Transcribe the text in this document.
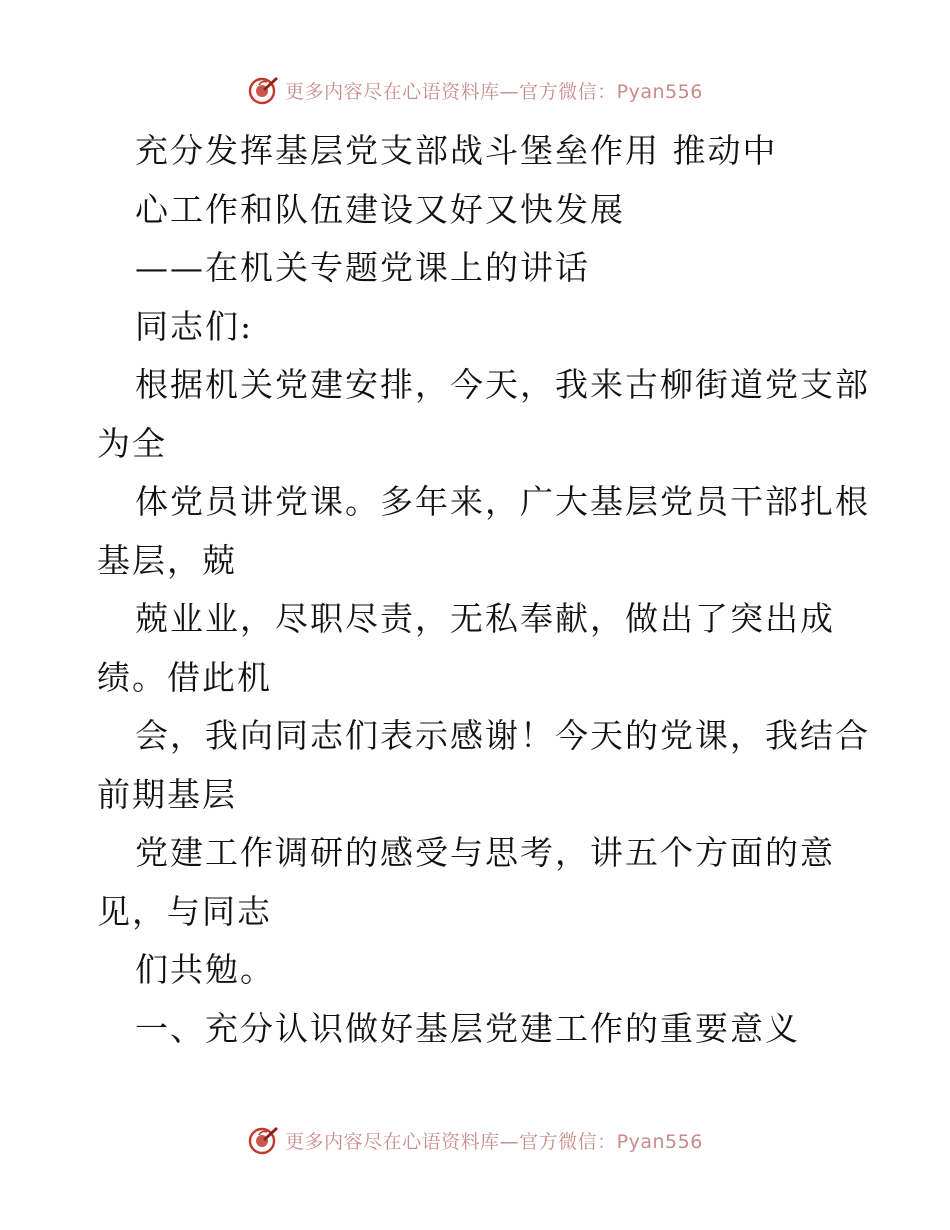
更多内容尽在心语资料库—官方微信：Pyan556
充分发挥基层党支部战斗堡垒作用 推动中
心工作和队伍建设又好又快发展
——在机关专题党课上的讲话
同志们:
根据机关党建安排，今天，我来古柳街道党支部
为全
体党员讲党课。多年来，广大基层党员干部扎根
基层，兢
兢业业，尽职尽责，无私奉献，做出了突出成
绩。借此机
会，我向同志们表示感谢！今天的党课，我结合
前期基层
党建工作调研的感受与思考，讲五个方面的意
见，与同志
们共勉。
一、充分认识做好基层党建工作的重要意义
更多内容尽在心语资料库—官方微信：Pyan556
